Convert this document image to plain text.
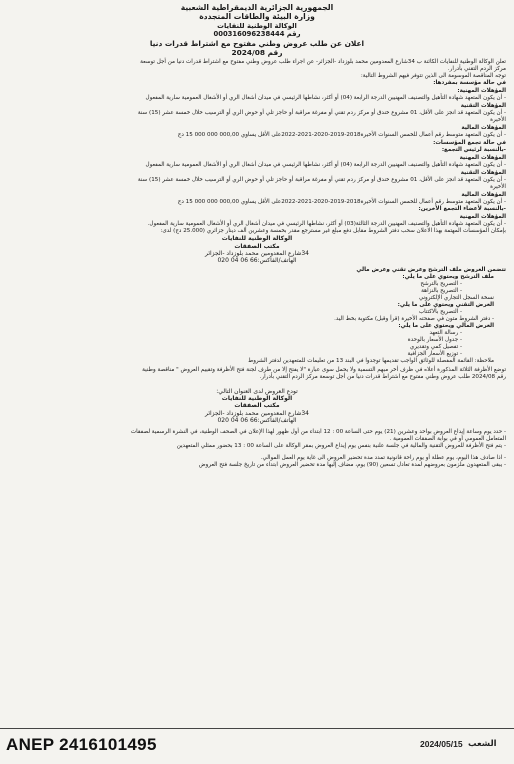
الجمهورية الجزائرية الديمقراطية الشعبية
وزارة البيئة والطاقات المتجددة
الوكالة الوطنية للنفايات
رقم 000316096238444
اعلان عن طلب عروض وطني مفتوح مع اشتراط قدرات دنيا
رقم 2024/08

تعلن الوكالة الوطنية للنفايات الكائنة ب 34شارع المعدومين محمد بلوزداد -الجزائر- عن اجراء طلب عروض وطني مفتوح مع اشتراط قدرات دنيا من أجل توسعة

مركز الردم التقني بأدرار.

توجه المناقصة الموسومة الى الذين تتوفر فيهم الشروط التالية:

في حالة مؤسسة بمفردها:

المؤهلات المهنية:

- أن يكون المتعهد شهادة التأهيل والتصنيف المهنيين الدرجة الرابعة (04) أو أكثر، نشاطها الرئيسي في ميدان أشغال الري أو الأشغال العمومية سارية المفعول

المؤهلات التقنية

- أن يكون المتعهد قد انجز على الأقل، 01 مشروع خندق أو مركز ردم تقني أو مفرغة مراقبة أو حاجز تلي أو حوض الري أو الترسيب خلال خمسة عشر (15) سنة

الأخيرة

المؤهلات المالية

- أن يكون المتعهد متوسط رقم أعمال للخمس السنوات الأخيرة2018-2019-2020-2021-2022على الأقل يساوي 000,00 000 000 15 دج

في حالة تجمع المؤسسات:

-بالنسبة لرئيس التجمع:

المؤهلات المهنية

- أن يكون المتعهد شهادة التأهيل والتصنيف المهنيين الدرجة الرابعة (04) أو أكثر، نشاطها الرئيسي في ميدان أشغال الري أو الأشغال العمومية سارية المفعول

المؤهلات التقنية

- أن يكون المتعهد قد انجز على الأقل، 01 مشروع خندق أو مركز ردم تقني أو مفرغة مراقبة أو حاجز تلي أو حوض الري أو الترسيب خلال خمسة عشر (15) سنة

الأخيرة

المؤهلات المالية

- أن يكون المتعهد متوسط رقم أعمال للخمس السنوات الأخيرة2018-2019-2020-2021-2022على الأقل يساوي 000,00 000 000 15 دج

-بالنسبة لأعضاء التجمع الأخرين:

المؤهلات المهنية

- أن يكون المتعهد شهادة التأهيل والتصنيف المهنيين الدرجة الثالثة(03) أو أكثر، نشاطها الرئيسي في ميدان أشغال الري أو الأشغال العمومية سارية المفعول.

بإمكان المؤسسات المهتمة بهذا الاعلان سحب دفتر الشروط مقابل دفع مبلغ غير مسترجع مقدر بخمسة وعشرين ألف دينار جزائري (25.000 دج) لدى:

الوكالة الوطنية للنفايات
مكتب الصفقات
34شارع المعدومين محمد بلوزداد -الجزائر
الهاتف/الفاكس:66 06 04 020

تتضمن العروض ملف الترشح وعرض تقني وعرض مالي

ملف الترشح ويحتوي على ما يلي:

- التصريح بالترشح

- التصريح بالنزاهة

نسخة السجل التجاري الإلكتروني

العرض التقني ويحتوي على ما يلي:

- التصريح بالاكتتاب

- دفتر الشروط متون في صفحته الأخيرة (قرأ وقبل) مكتوبة بخط اليد.

العرض المالي ويحتوي على ما يلي:

- رسالة التعهد

- جدول الأسعار بالوحدة

- تفصيل كمي وتقديري

- توزيع الأسعار الجزافية

ملاحظة: القائمة المفصلة للوثائق الواجب تقديمها توجدوا في البند 13 من تعليمات للمتعهدين لدفتر الشروط

توضع الأظرفة الثلاثة المذكورة أعلاه في ظرف أخر مبهم التسمية ولا يحمل سوى عبارة "لا يفتح إلا من طرف لجنة فتح الأظرفة وتقييم العروض " مناقصة وطنية

رقم 2024/08 طلب عروض وطني مفتوح مع اشتراط قدرات دنيا من أجل توسعة مركز الردم التقني بأدرار.

تودع العروض لدى العنوان التالي:
الوكالة الوطنية للنفايات
مكتب الصفقات
34شارع المعدومين محمد بلوزداد -الجزائر
الهاتف/الفاكس:66 06 04 020

- حدد يوم وساعة إيداع العروض بواحد وعشرين (21) يوم حتى الساعة 00 : 12 ابتداء من أول ظهور لهذا الإعلان في الصحف الوطنية، في النشرة الرسمية لصفقات

المتعامل العمومي أو في بوابة الصفقات العمومية .

- يتم فتح الأظرفة للعروض التقنية والمالية في جلسة علنية بنفس يوم إيداع العروض بمقر الوكالة على الساعة 00 : 13 بحضور ممثلي المتعهدين

- اذا صادف هذا اليوم، يوم عطلة أو يوم راحة قانونية تمدد مدة تحضير العروض الى غاية يوم العمل الموالي.

- يبقى المتعهدون ملزمون بعروضهم لمدة تعادل تسعين (90) يوم، مضاف إليها مدة تحضير العروض ابتداء من تاريخ جلسة فتح العروض

ANEP 2416101495	2024/05/15 الشعب
